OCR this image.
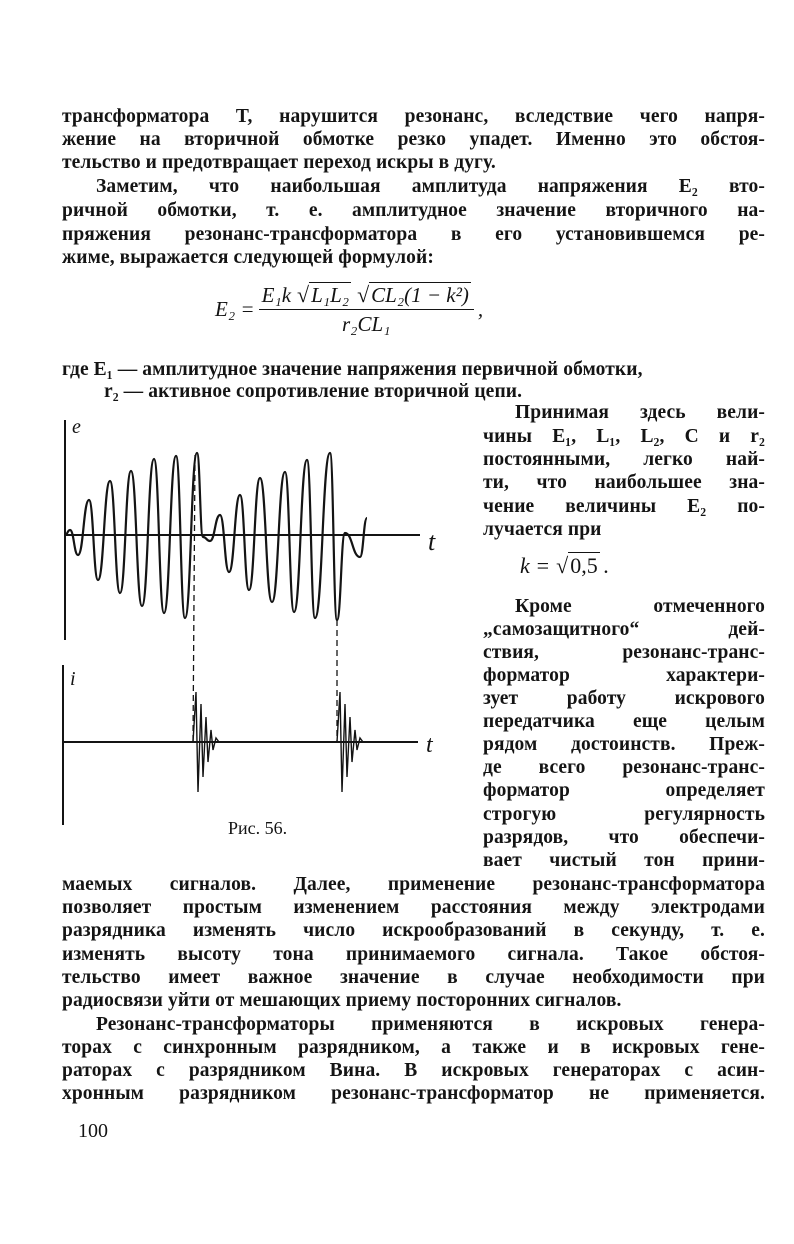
трансформатора T, нарушится резонанс, вследствие чего напря-
жение на вторичной обмотке резко упадет. Именно это обстоя-
тельство и предотвращает переход искры в дугу.
Заметим, что наибольшая амплитуда напряжения E₂ вто-
ричной обмотки, т. е. амплитудное значение вторичного на-
пряжения резонанс-трансформатора в его установившемся ре-
жиме, выражается следующей формулой:
$E_2 = \frac{\text{E₁k √ L₁L₂ √ CL₂(1 − k²)}}{\text{r₂CL₁}}$ ,
где E₁ — амплитудное значение напряжения первичной обмотки,
r₂ — активное сопротивление вторичной цепи.
Принимая здесь вели-
чины E₁, L₁, L₂, C и r₂
постоянными, легко най-
ти, что наибольшее зна-
чение величины E₂ по-
лучается при
k = √ 0,5 .
Кроме отмеченного
„самозащитного“ дей-
ствия, резонанс-транс-
форматор характери-
зует работу искрового
передатчика еще целым
рядом достоинств. Преж-
де всего резонанс-транс-
форматор определяет
строгую регулярность
разрядов, что обеспечи-
вает чистый тон прини-
маемых сигналов. Далее, применение резонанс-трансформатора
позволяет простым изменением расстояния между электродами
разрядника изменять число искрообразований в секунду, т. е.
изменять высоту тона принимаемого сигнала. Такое обстоя-
тельство имеет важное значение в случае необходимости при
радиосвязи уйти от мешающих приему посторонних сигналов.
Резонанс-трансформаторы применяются в искровых генера-
торах с синхронным разрядником, а также и в искровых гене-
раторах с разрядником Вина. В искровых генераторах с асин-
хронным разрядником резонанс-трансформатор не применяется.
e
t
i
t
Рис. 56.
100
